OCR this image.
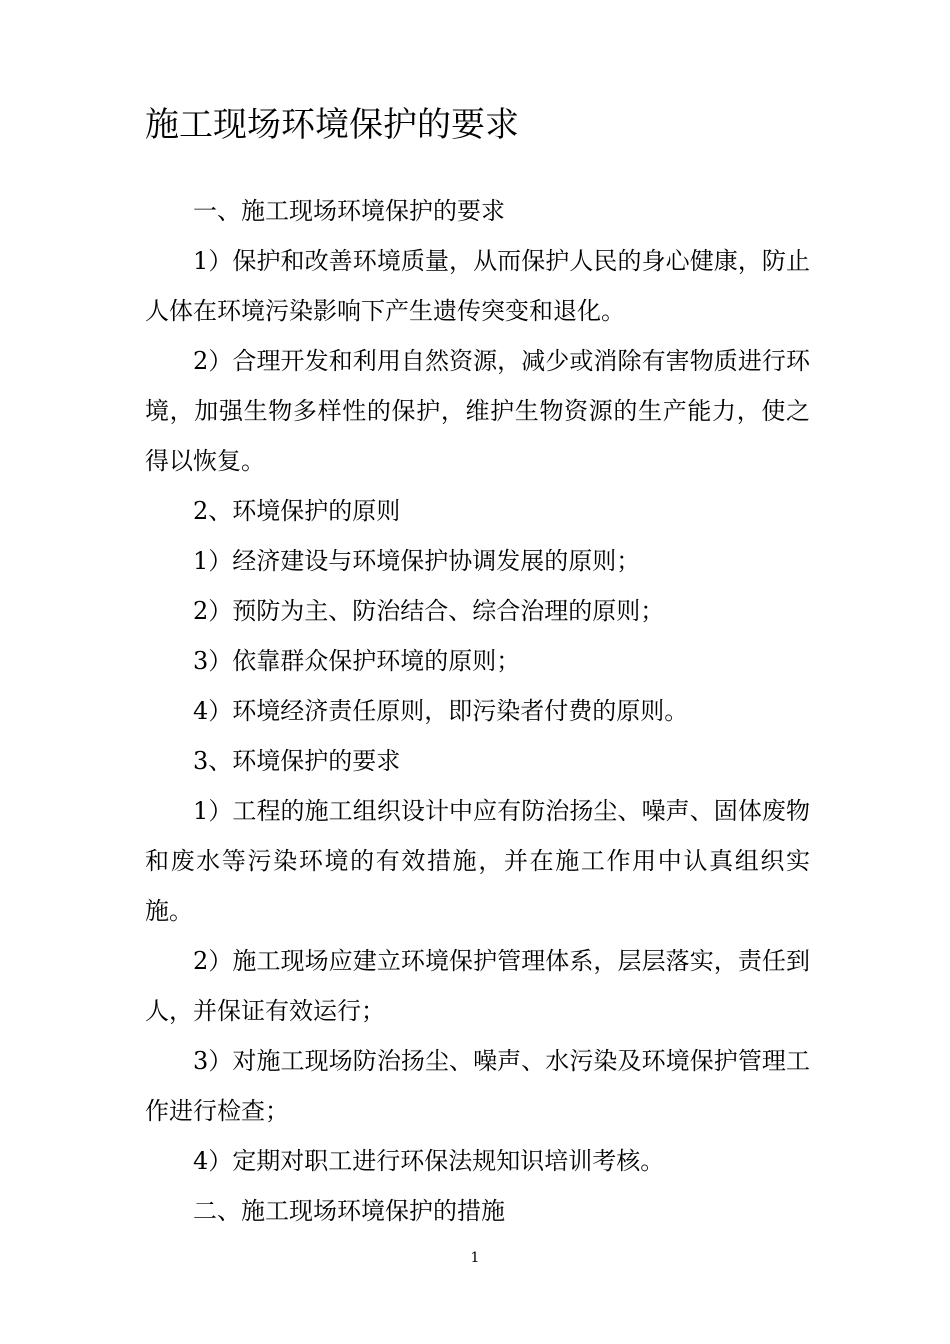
施工现场环境保护的要求

一、施工现场环境保护的要求

1）保护和改善环境质量，从而保护人民的身心健康，防止人体在环境污染影响下产生遗传突变和退化。

2）合理开发和利用自然资源，减少或消除有害物质进行环境，加强生物多样性的保护，维护生物资源的生产能力，使之得以恢复。

2、环境保护的原则

1）经济建设与环境保护协调发展的原则；

2）预防为主、防治结合、综合治理的原则；

3）依靠群众保护环境的原则；

4）环境经济责任原则，即污染者付费的原则。

3、环境保护的要求

1）工程的施工组织设计中应有防治扬尘、噪声、固体废物和废水等污染环境的有效措施，并在施工作用中认真组织实施。

2）施工现场应建立环境保护管理体系，层层落实，责任到人，并保证有效运行；

3）对施工现场防治扬尘、噪声、水污染及环境保护管理工作进行检查；

4）定期对职工进行环保法规知识培训考核。

二、施工现场环境保护的措施

1
